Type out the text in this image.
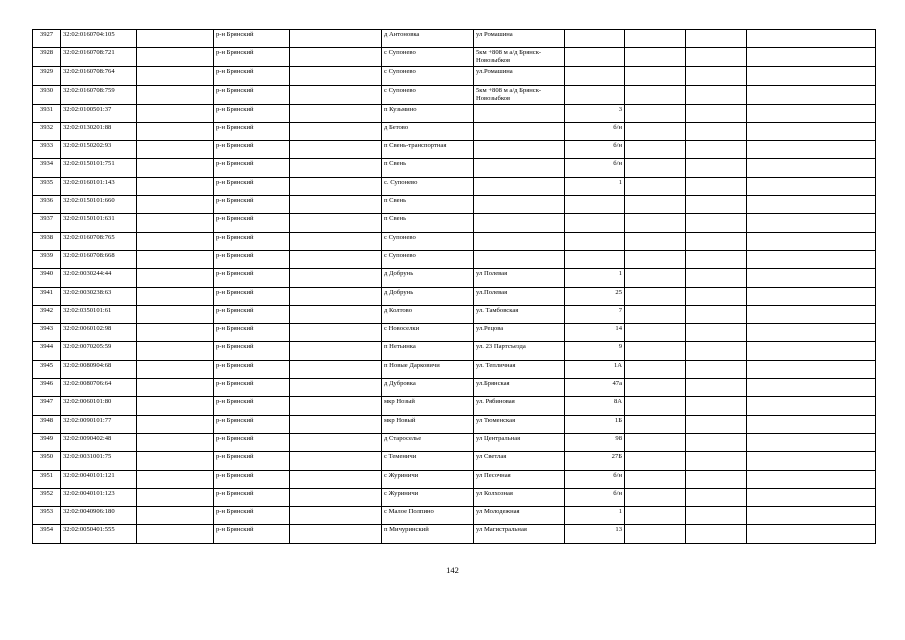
3927	32:02:0160704:105		р-н Брянский		д Антоновка	ул Ромашина				
3928	32:02:0160708:721		р-н Брянский		с Супонево	5км +808 м а/д Брянск-Новозыбков				
3929	32:02:0160708:764		р-н Брянский		с Супонево	ул.Ромашина				
3930	32:02:0160708:759		р-н Брянский		с Супонево	5км +808 м а/д Брянск-Новозыбков				
3931	32:02:0100501:37		р-н Брянский		п Кузьмино		3			
3932	32:02:0130201:88		р-н Брянский		д Бетово		б/н			
3933	32:02:0150202:93		р-н Брянский		п Свень-транспортная		б/н			
3934	32:02:0150101:751		р-н Брянский		п Свень		б/н			
3935	32:02:0160101:143		р-н Брянский		с. Супонево		1			
3936	32:02:0150101:660		р-н Брянский		п Свень					
3937	32:02:0150101:631		р-н Брянский		п Свень					
3938	32:02:0160708:765		р-н Брянский		с Супонево					
3939	32:02:0160708:668		р-н Брянский		с Супонево					
3940	32:02:0030244:44		р-н Брянский		д Добрунь	ул Полевая	1			
3941	32:02:0030238:63		р-н Брянский		д Добрунь	ул.Полевая	25			
3942	32:02:0350101:61		р-н Брянский		д Колтово	ул. Тамбовская	7			
3943	32:02:0060102:98		р-н Брянский		с Новоселки	ул.Рецова	14			
3944	32:02:0070205:59		р-н Брянский		п Нетьинка	ул. 23 Партсъезда	9			
3945	32:02:0080904:68		р-н Брянский		п Новые Дарковичи	ул. Тепличная	1А			
3946	32:02:0080706:64		р-н Брянский		д Дубровка	ул.Брянская	47а			
3947	32:02:0060101:80		р-н Брянский		мкр Нозый	ул. Рябиновая	8А			
3948	32:02:0090101:77		р-н Брянский		мкр Новый	ул Тюменская	1Б			
3949	32:02:0090402:48		р-н Брянский		д Староселье	ул Центральная	98			
3950	32:02:0031001:75		р-н Брянский		с Теменичи	ул Светлая	27Б			
3951	32:02:0040101:121		р-н Брянский		с Журиничи	ул Песочная	б/н			
3952	32:02:0040101:123		р-н Брянский		с Журиничи	ул Колхозная	б/н			
3953	32:02:0040906:180		р-н Брянский		с Малое Полпино	ул Молодежная	1			
3954	32:02:0050401:555		р-н Брянский		п Мичуринский	ул Магистральная	13			
142
